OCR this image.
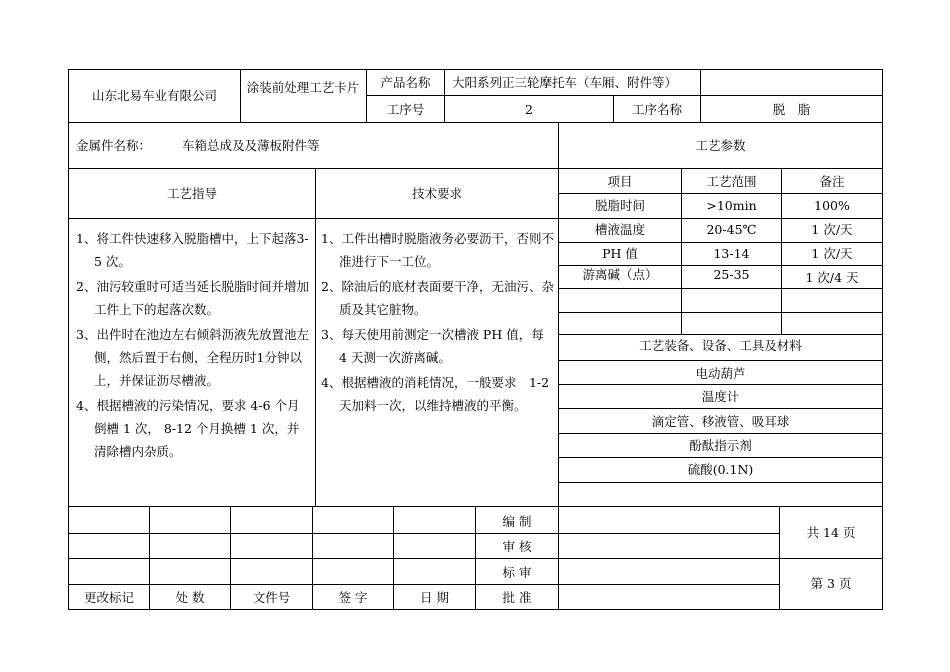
山东北易车业有限公司
涂装前处理工艺卡片	产品名称	大阳系列正三轮摩托车（车厢、附件等）
工序号	2	工序名称	脱　脂
金属件名称： 车箱总成及及薄板附件等	工艺参数
工艺指导	技术要求

1、将工件快速移入脱脂槽中，上下起落3-5 次。

2、油污较重时可适当延长脱脂时间并增加工件上下的起落次数。

3、出件时在池边左右倾斜沥液先放置池左侧，然后置于右侧，全程历时1分钟以上，并保证沥尽槽液。

4、根据槽液的污染情况，要求 4-6 个月倒槽 1 次， 8-12 个月换槽 1 次，并清除槽内杂质。

1、工件出槽时脱脂液务必要沥干，否则不准进行下一工位。

2、除油后的底材表面要干净，无油污、杂质及其它脏物。

3、每天使用前测定一次槽液 PH 值，每 4 天测一次游离碱。

4、根据槽液的消耗情况，一般要求　1-2 天加料一次，以维持槽液的平衡。

项目	工艺范围	备注
脱脂时间	>10min	100%
槽液温度	20-45℃	1 次/天
PH 值	13-14	1 次/天
游离碱（点）	25-35	1 次/4 天
工艺装备、设备、工具及材料
电动葫芦
温度计
滴定管、移液管、吸耳球
酚酞指示剂
硫酸(0.1N)
编 制
审 核
标 审
批 准
更改标记	处 数	文件号	签 字	日 期
共 14 页
第 3 页
